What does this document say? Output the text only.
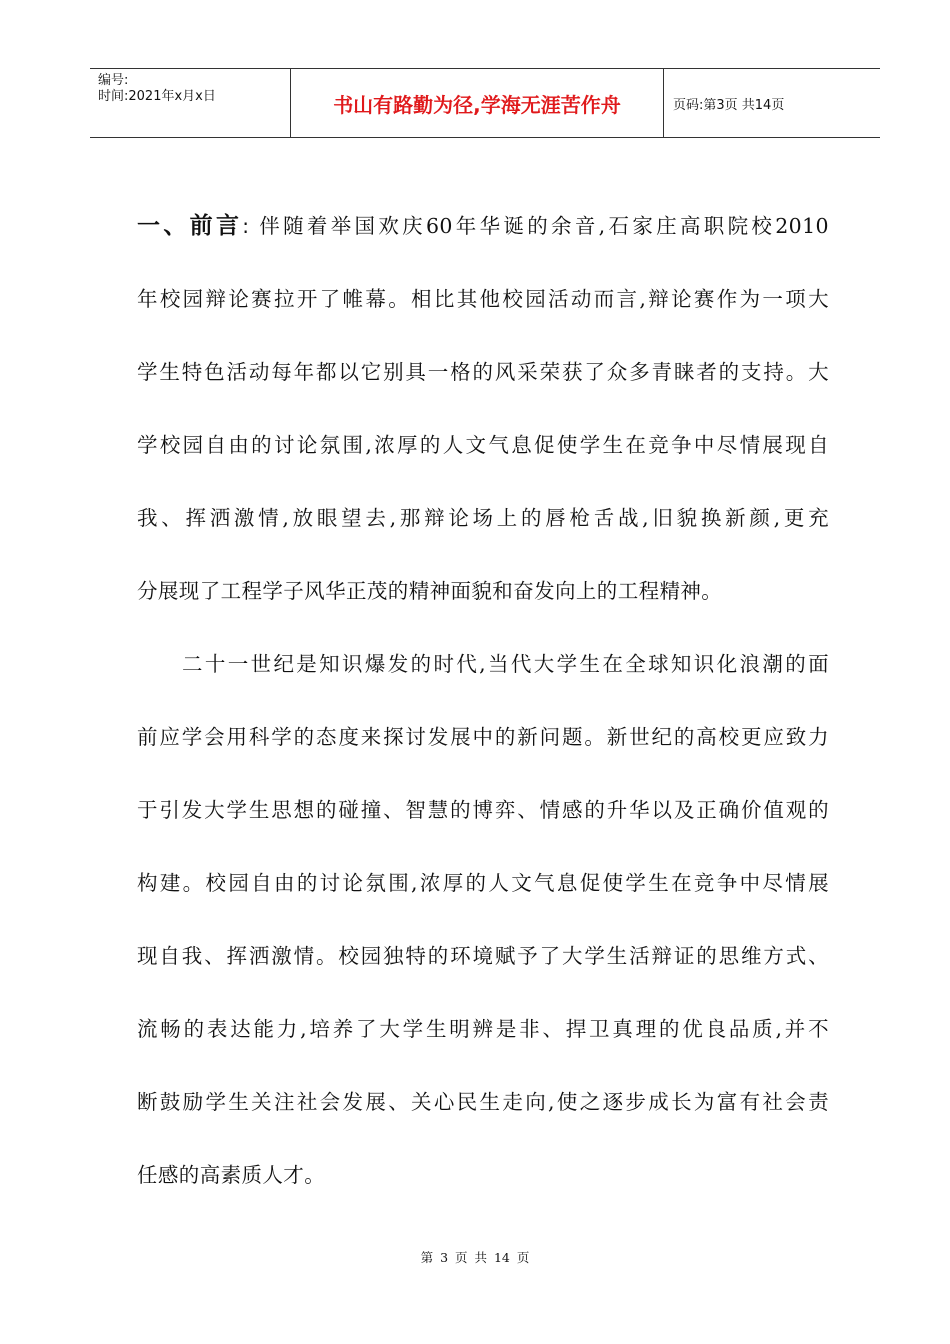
编号:
时间:2021年x月x日	书山有路勤为径,学海无涯苦作舟	页码:第3页 共14页
一、前言: 伴随着举国欢庆60年华诞的余音,石家庄高职院校2010
年校园辩论赛拉开了帷幕。相比其他校园活动而言,辩论赛作为一项大
学生特色活动每年都以它别具一格的风采荣获了众多青睐者的支持。大
学校园自由的讨论氛围,浓厚的人文气息促使学生在竞争中尽情展现自
我、挥洒激情,放眼望去,那辩论场上的唇枪舌战,旧貌换新颜,更充
分展现了工程学子风华正茂的精神面貌和奋发向上的工程精神。
二十一世纪是知识爆发的时代,当代大学生在全球知识化浪潮的面
前应学会用科学的态度来探讨发展中的新问题。新世纪的高校更应致力
于引发大学生思想的碰撞、智慧的博弈、情感的升华以及正确价值观的
构建。校园自由的讨论氛围,浓厚的人文气息促使学生在竞争中尽情展
现自我、挥洒激情。校园独特的环境赋予了大学生活辩证的思维方式、
流畅的表达能力,培养了大学生明辨是非、捍卫真理的优良品质,并不
断鼓励学生关注社会发展、关心民生走向,使之逐步成长为富有社会责
任感的高素质人才。
第 3 页 共 14 页
